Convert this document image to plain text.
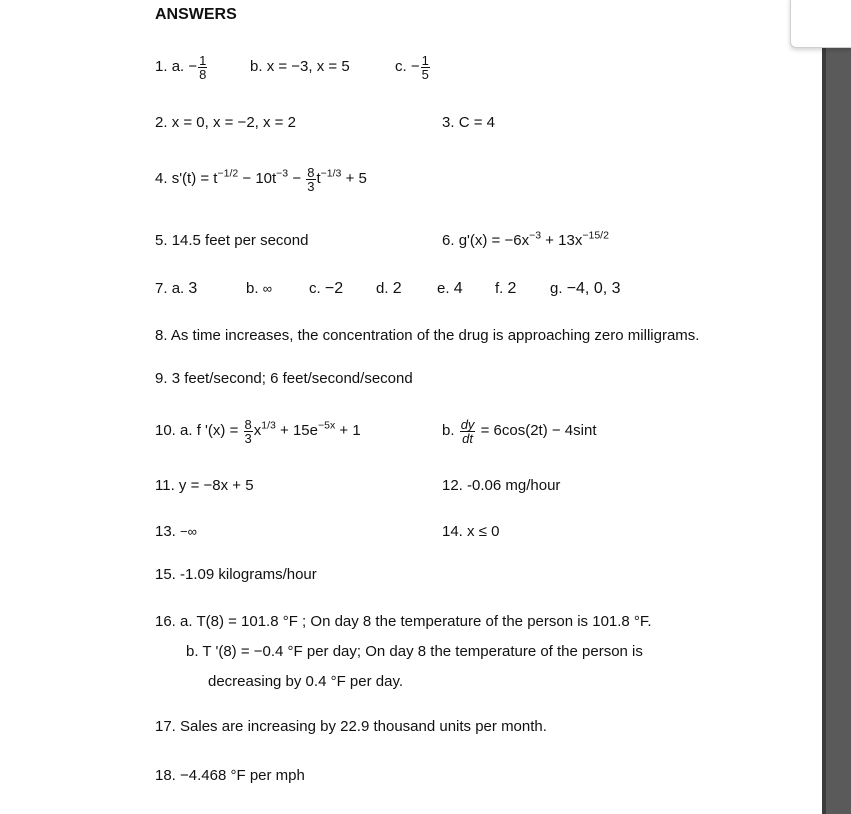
ANSWERS
1. a. − $\frac{1}{8}$	b. x = −3, x = 5	c. − $\frac{1}{5}$
2. x = 0, x = −2, x = 2	3. C = 4
4. $s'(t) = t^{-1/2} - 10t^{-3} - \frac{8}{3} t^{-1/3} + 5$
5. 14.5 feet per second	6. $g'(x) = -6x^{-3} + 13x^{-15/2}$
7. a. 3	b. ∞ c. −2 d. 2 e. 4 f. 2 g. −4, 0, 3
8. As time increases, the concentration of the drug is approaching zero milligrams.
9. 3 feet/second; 6 feet/second/second
10. a. f '$(x) = \frac{8}{3} x^{1/3} + 15e^{-5x} + 1$	b. $\frac{dy}{dt} = 6\cos(2t) - 4\sin t$
11. y = −8x + 5	12. -0.06 mg/hour
13. −∞	14. x ≤ 0
15. -1.09 kilograms/hour
16. a. T(8) = 101.8 °F ; On day 8 the temperature of the person is 101.8 °F.
b. T '(8) = −0.4 °F per day; On day 8 the temperature of the person is
decreasing by 0.4 °F per day.
17. Sales are increasing by 22.9 thousand units per month.
18. −4.468 °F per mph
